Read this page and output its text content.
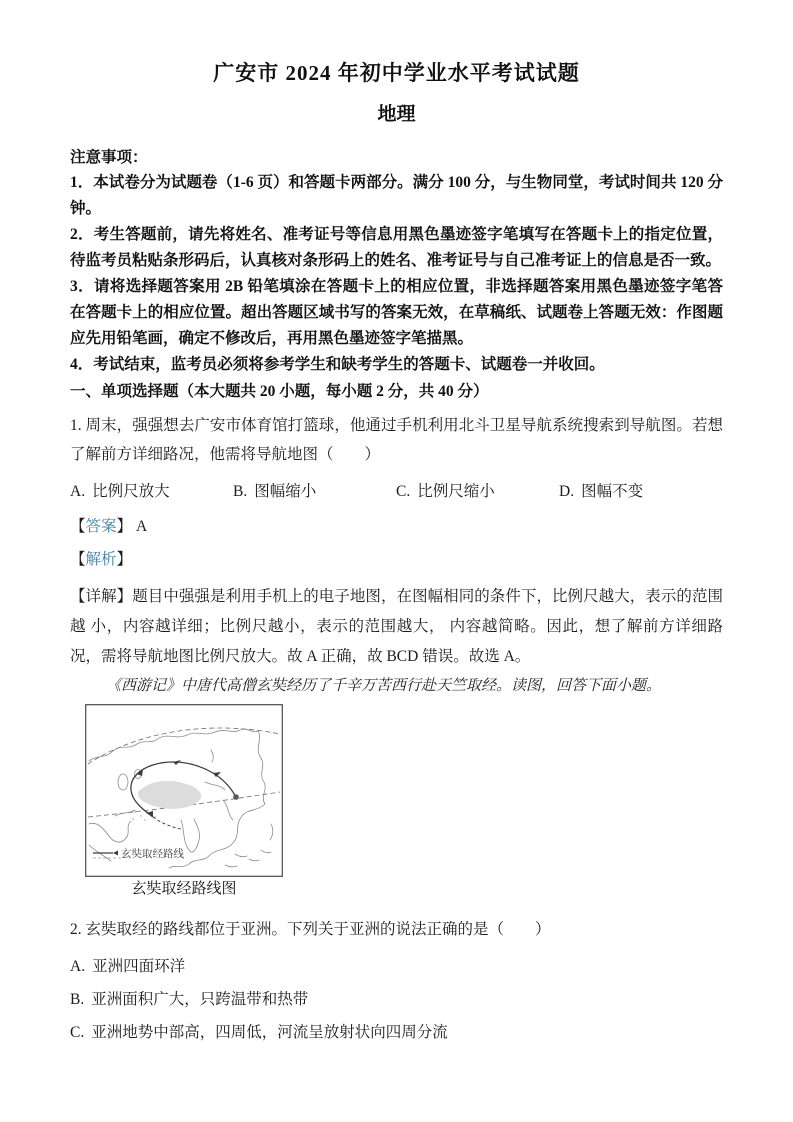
广安市 2024 年初中学业水平考试试题
地理

注意事项：

1．本试卷分为试题卷（1-6 页）和答题卡两部分。满分 100 分，与生物同堂，考试时间共 120 分钟。

2．考生答题前，请先将姓名、准考证号等信息用黑色墨迹签字笔填写在答题卡上的指定位置，待监考员粘贴条形码后，认真核对条形码上的姓名、准考证号与自己准考证上的信息是否一致。

3．请将选择题答案用 2B 铅笔填涂在答题卡上的相应位置，非选择题答案用黑色墨迹签字笔答在答题卡上的相应位置。超出答题区域书写的答案无效，在草稿纸、试题卷上答题无效：作图题应先用铅笔画，确定不修改后，再用黑色墨迹签字笔描黑。

4．考试结束，监考员必须将参考学生和缺考学生的答题卡、试题卷一并收回。

一、单项选择题（本大题共 20 小题，每小题 2 分，共 40 分）

1. 周末，强强想去广安市体育馆打篮球，他通过手机利用北斗卫星导航系统搜索到导航图。若想了解前方详细路况，他需将导航地图（　　）

A. 比例尺放大	B. 图幅缩小	C. 比例尺缩小	D. 图幅不变

【答案】 A

【解析】

【详解】题目中强强是利用手机上的电子地图，在图幅相同的条件下，比例尺越大，表示的范围越 小，内容越详细；比例尺越小，表示的范围越大， 内容越简略。因此，想了解前方详细路况，需将导航地图比例尺放大。故 A 正确，故 BCD 错误。故选 A。

《西游记》中唐代高僧玄奘经历了千辛万苦西行赴天竺取经。读图，回答下面小题。

玄奘取经路线

玄奘取经路线图

2. 玄奘取经的路线都位于亚洲。下列关于亚洲的说法正确的是（　　）

A. 亚洲四面环洋

B. 亚洲面积广大，只跨温带和热带

C. 亚洲地势中部高，四周低，河流呈放射状向四周分流
